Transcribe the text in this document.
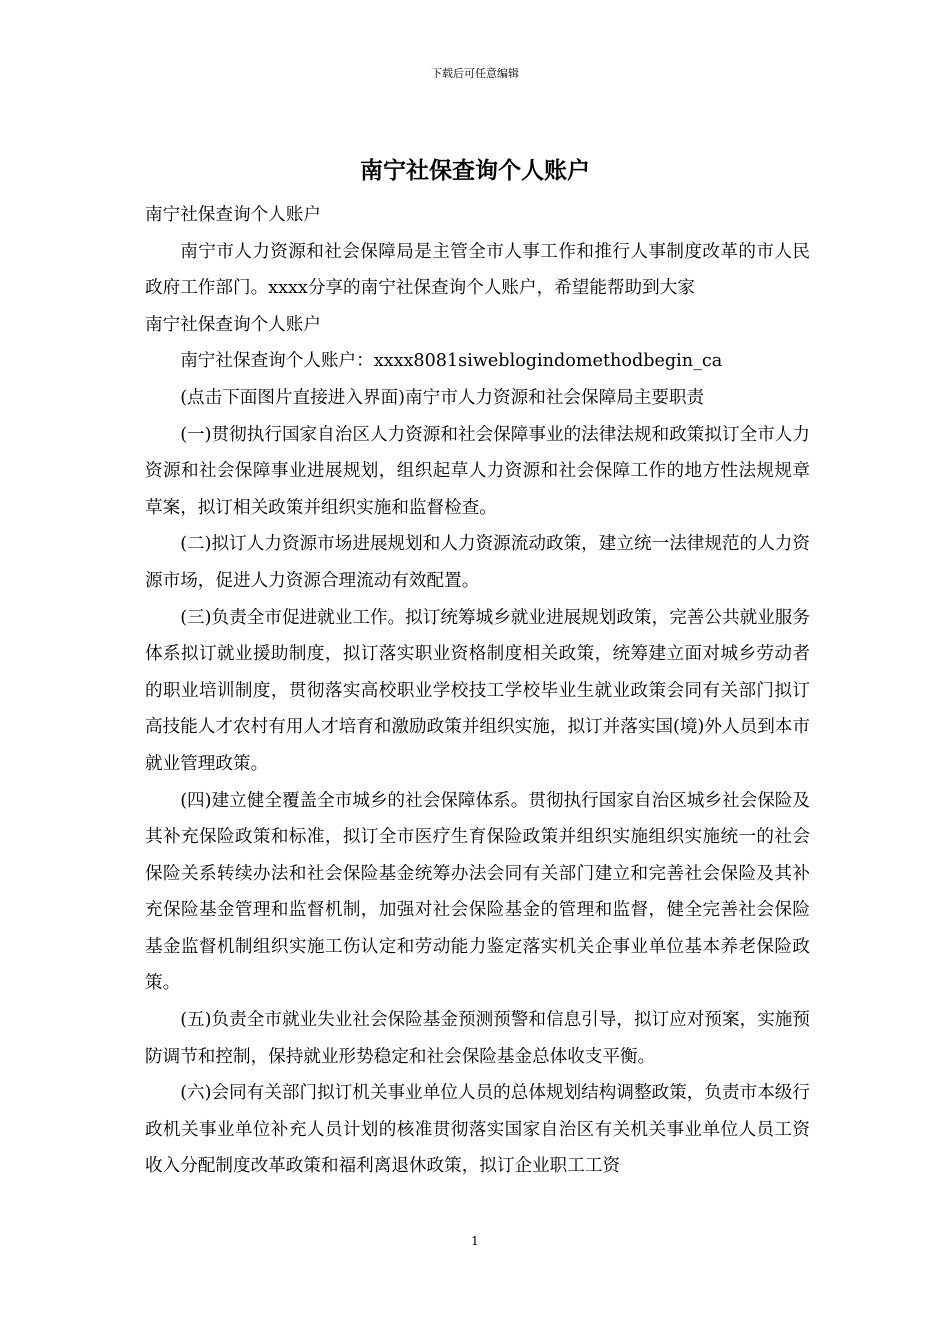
下载后可任意编辑
南宁社保查询个人账户

南宁社保查询个人账户

南宁市人力资源和社会保障局是主管全市人事工作和推行人事制度改革的市人民政府工作部门。xxxx分享的南宁社保查询个人账户，希望能帮助到大家

南宁社保查询个人账户

南宁社保查询个人账户：xxxx8081siweblogindomethodbegin_ca

(点击下面图片直接进入界面)南宁市人力资源和社会保障局主要职责

(一)贯彻执行国家自治区人力资源和社会保障事业的法律法规和政策拟订全市人力资源和社会保障事业进展规划，组织起草人力资源和社会保障工作的地方性法规规章草案，拟订相关政策并组织实施和监督检查。

(二)拟订人力资源市场进展规划和人力资源流动政策，建立统一法律规范的人力资源市场，促进人力资源合理流动有效配置。

(三)负责全市促进就业工作。拟订统筹城乡就业进展规划政策，完善公共就业服务体系拟订就业援助制度，拟订落实职业资格制度相关政策，统筹建立面对城乡劳动者的职业培训制度，贯彻落实高校职业学校技工学校毕业生就业政策会同有关部门拟订高技能人才农村有用人才培育和激励政策并组织实施，拟订并落实国(境)外人员到本市就业管理政策。

(四)建立健全覆盖全市城乡的社会保障体系。贯彻执行国家自治区城乡社会保险及其补充保险政策和标准，拟订全市医疗生育保险政策并组织实施组织实施统一的社会保险关系转续办法和社会保险基金统筹办法会同有关部门建立和完善社会保险及其补充保险基金管理和监督机制，加强对社会保险基金的管理和监督，健全完善社会保险基金监督机制组织实施工伤认定和劳动能力鉴定落实机关企事业单位基本养老保险政策。

(五)负责全市就业失业社会保险基金预测预警和信息引导，拟订应对预案，实施预防调节和控制，保持就业形势稳定和社会保险基金总体收支平衡。

(六)会同有关部门拟订机关事业单位人员的总体规划结构调整政策，负责市本级行政机关事业单位补充人员计划的核准贯彻落实国家自治区有关机关事业单位人员工资收入分配制度改革政策和福利离退休政策，拟订企业职工工资

1
